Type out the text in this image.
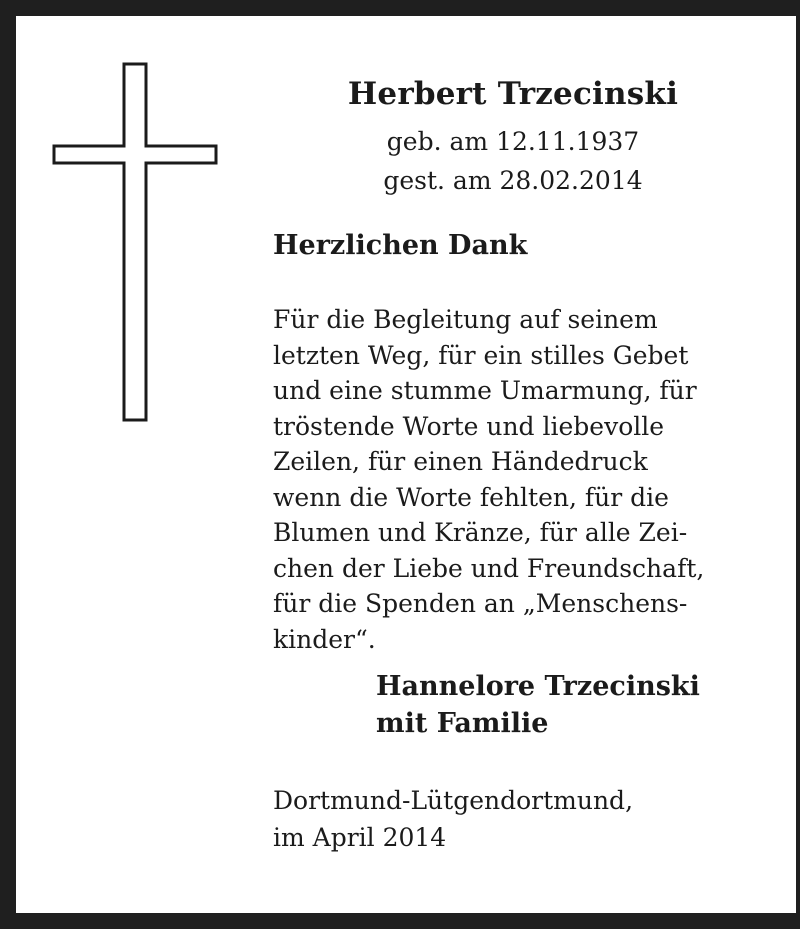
Herbert Trzecinski
geb. am 12.11.1937
gest. am 28.02.2014
Herzlichen Dank
Für die Begleitung auf seinem
letzten Weg, für ein stilles Gebet
und eine stumme Umarmung, für
tröstende Worte und liebevolle
Zeilen, für einen Händedruck
wenn die Worte fehlten, für die
Blumen und Kränze, für alle Zei-
chen der Liebe und Freundschaft,
für die Spenden an „Menschens-
kinder“.
Hannelore Trzecinski
mit Familie
Dortmund-Lütgendortmund,
im April 2014
